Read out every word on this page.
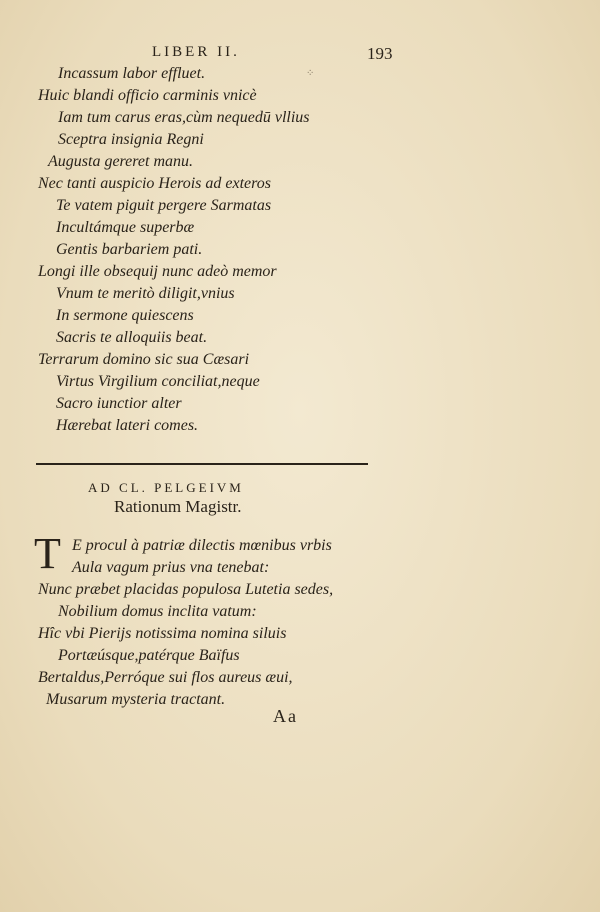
LIBER II.	193
⁘
Incassum labor effluet.
Huic blandi officio carminis vnicè
Iam tum carus eras,cùm nequedū vllius
Sceptra insignia Regni
Augusta gereret manu.
Nec tanti auspicio Herois ad exteros
Te vatem piguit pergere Sarmatas
Incultámque superbæ
Gentis barbariem pati.
Longi ille obsequij nunc adeò memor
Vnum te meritò diligit,vnius
In sermone quiescens
Sacris te alloquiis beat.
Terrarum domino sic sua Cæsari
Virtus Virgilium conciliat,neque
Sacro iunctior alter
Hærebat lateri comes.
AD CL. PELGEIVM
Rationum Magistr.
T E procul à patriæ dilectis mœnibus vrbis
Aula vagum prius vna tenebat:
Nunc præbet placidas populosa Lutetia sedes,
Nobilium domus inclita vatum:
Hîc vbi Pierijs notissima nomina siluis
Portæúsque,patérque Baïfus
Bertaldus,Perróque sui flos aureus æui,
Musarum mysteria tractant.
Aa
